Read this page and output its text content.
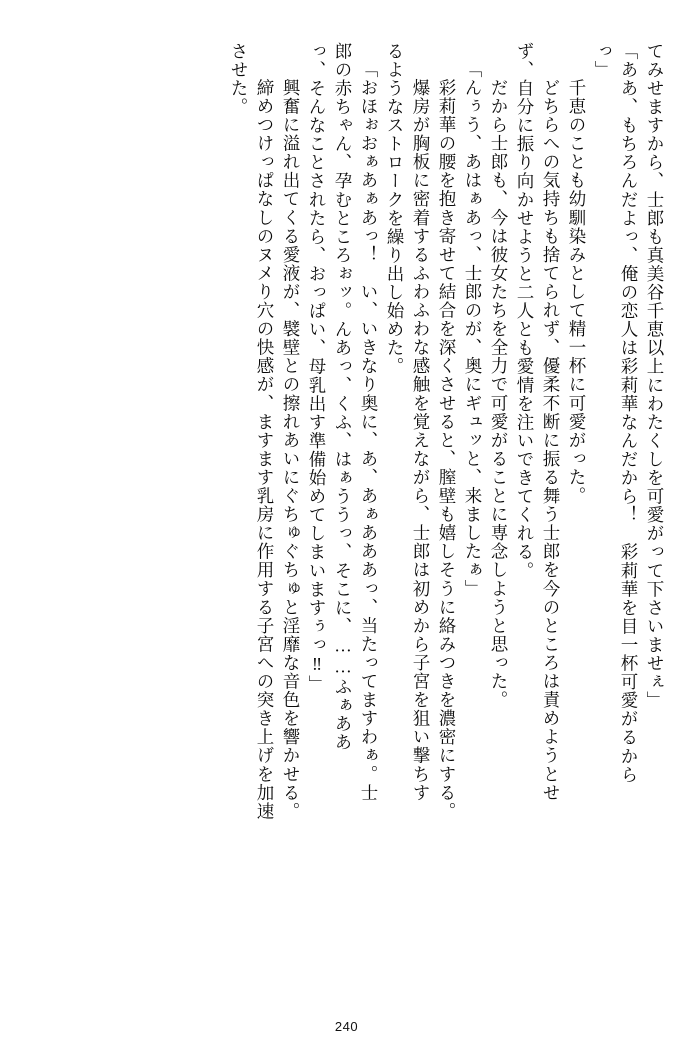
てみせますから、士郎も真美谷千恵以上にわたくしを可愛がって下さいませぇ」
「ああ、もちろんだよっ、俺の恋人は彩莉華なんだから！　彩莉華を目一杯可愛がるから
っ」
　千恵のことも幼馴染みとして精一杯に可愛がった。
　どちらへの気持ちも捨てられず、優柔不断に振る舞う士郎を今のところは責めようとせ
ず、自分に振り向かせようと二人とも愛情を注いできてくれる。
　だから士郎も、今は彼女たちを全力で可愛がることに専念しようと思った。
「んぅう、あはぁあっ、士郎のが、奥にギュッと、来ましたぁ」
　彩莉華の腰を抱き寄せて結合を深くさせると、膣壁も嬉しそうに絡みつきを濃密にする。
　爆房が胸板に密着するふわふわな感触を覚えながら、士郎は初めから子宮を狙い撃ちす
るようなストロークを繰り出し始めた。
「おほぉおぁあぁあっ！　い、いきなり奥に、あ、あぁあああっ、当たってますわぁ。士
郎の赤ちゃん、孕むところぉッ。んあっ、くふ、はぁううっ、そこに、……ふぁああ
っ、そんなことされたら、おっぱい、母乳出す準備始めてしまいますぅっ‼」
　興奮に溢れ出てくる愛液が、襞壁との擦れあいにぐちゅぐちゅと淫靡な音色を響かせる。
　締めつけっぱなしのヌメり穴の快感が、ますます乳房に作用する子宮への突き上げを加速
させた。
240
